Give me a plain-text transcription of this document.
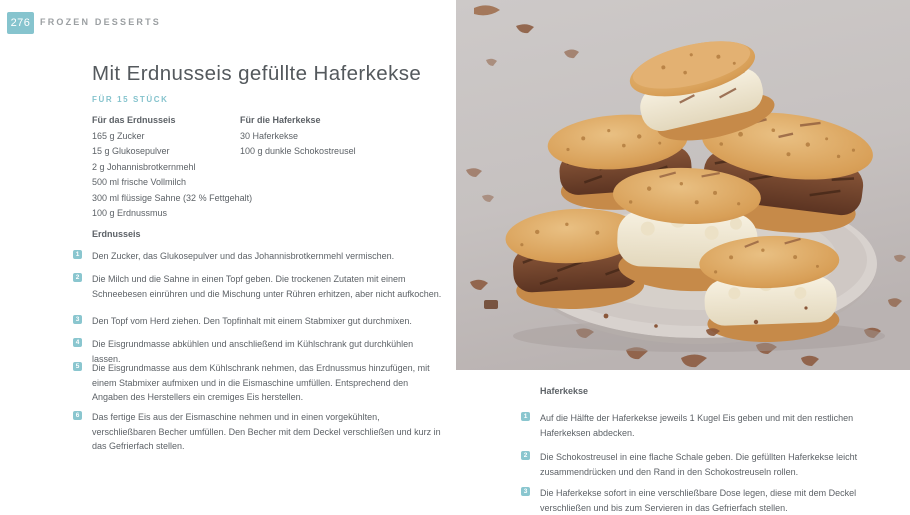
276	FROZEN DESSERTS
Mit Erdnusseis gefüllte Haferkekse
FÜR 15 STÜCK
Für das Erdnusseis
165 g Zucker
15 g Glukosepulver
2 g Johannisbrotkernmehl
500 ml frische Vollmilch
300 ml flüssige Sahne (32 % Fettgehalt)
100 g Erdnussmus
Für die Haferkekse
30 Haferkekse
100 g dunkle Schokostreusel
Erdnusseis
1 Den Zucker, das Glukosepulver und das Johannisbrotkernmehl vermischen.

2 Die Milch und die Sahne in einen Topf geben. Die trockenen Zutaten mit einem Schneebesen einrühren und die Mischung unter Rühren erhitzen, aber nicht aufkochen.

3 Den Topf vom Herd ziehen. Den Topfinhalt mit einem Stabmixer gut durchmixen.

4 Die Eisgrundmasse abkühlen und anschließend im Kühlschrank gut durchkühlen lassen.

5 Die Eisgrundmasse aus dem Kühlschrank nehmen, das Erdnussmus hinzufügen, mit einem Stabmixer aufmixen und in die Eismaschine umfüllen. Entsprechend den Angaben des Herstellers ein cremiges Eis herstellen.

6 Das fertige Eis aus der Eismaschine nehmen und in einen vorgekühlten, verschließbaren Becher umfüllen. Den Becher mit dem Deckel verschließen und kurz in das Gefrierfach stellen.

Haferkekse
1 Auf die Hälfte der Haferkekse jeweils 1 Kugel Eis geben und mit den restlichen Haferkeksen abdecken.

2 Die Schokostreusel in eine flache Schale geben. Die gefüllten Haferkekse leicht zusammendrücken und den Rand in den Schokostreuseln rollen.

3 Die Haferkekse sofort in eine verschließbare Dose legen, diese mit dem Deckel verschließen und bis zum Servieren in das Gefrierfach stellen.
